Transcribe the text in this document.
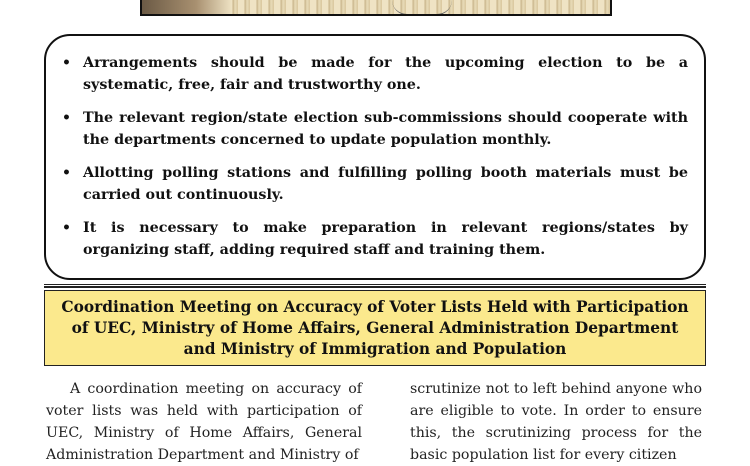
• Arrangements should be made for the upcoming election to be a systematic, free, fair and trustworthy one.
• The relevant region/state election sub-commissions should cooperate with the departments concerned to update population monthly.
• Allotting polling stations and fulfilling polling booth materials must be carried out continuously.
• It is necessary to make preparation in relevant regions/states by organizing staff, adding required staff and training them.
Coordination Meeting on Accuracy of Voter Lists Held with Participation of UEC, Ministry of Home Affairs, General Administration Department and Ministry of Immigration and Population
A coordination meeting on accuracy of voter lists was held with participation of UEC, Ministry of Home Affairs, General Administration Department and Ministry of
scrutinize not to left behind anyone who are eligible to vote. In order to ensure this, the scrutinizing process for the basic population list for every citizen
